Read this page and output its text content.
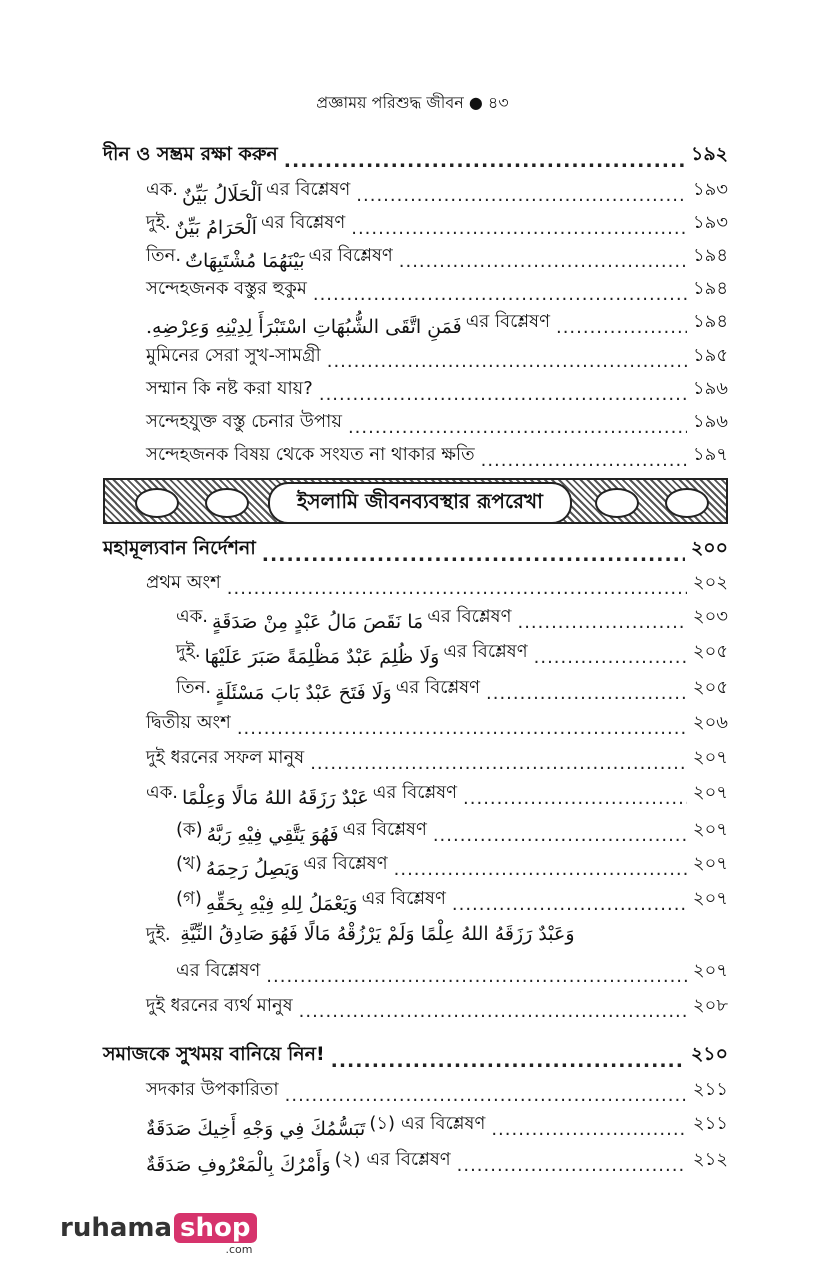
প্রজ্ঞাময় পরিশুদ্ধ জীবন ● ৪৩
দীন ও সম্ভ্রম রক্ষা করুন .....	১৯২
এক. اَلْحَلَالُ بَيِّنٌ এর বিশ্লেষণ .....	১৯৩
দুই. اَلْحَرَامُ بَيِّنٌ এর বিশ্লেষণ .....	১৯৩
তিন. بَيْنَهُمَا مُشْتَبِهَاتٌ এর বিশ্লেষণ .....	১৯৪
সন্দেহজনক বস্তুর হুকুম .....	১৯৪
فَمَنِ اتَّقَى الشُّبُهَاتِ اسْتَبْرَأَ لِدِيْنِهِ وَعِرْضِهِ. এর বিশ্লেষণ .....	১৯৪
মুমিনের সেরা সুখ-সামগ্রী .....	১৯৫
সম্মান কি নষ্ট করা যায়? .....	১৯৬
সন্দেহযুক্ত বস্তু চেনার উপায় .....	১৯৬
সন্দেহজনক বিষয় থেকে সংযত না থাকার ক্ষতি .....	১৯৭
ইসলামি জীবনব্যবস্থার রূপরেখা
মহামূল্যবান নির্দেশনা .....	২০০
প্রথম অংশ .....	২০২
এক. مَا نَقَصَ مَالُ عَبْدٍ مِنْ صَدَقَةٍ এর বিশ্লেষণ .....	২০৩
দুই. وَلَا ظُلِمَ عَبْدٌ مَظْلِمَةً صَبَرَ عَلَيْهَا এর বিশ্লেষণ .....	২০৫
তিন. وَلَا فَتَحَ عَبْدٌ بَابَ مَسْئَلَةٍ এর বিশ্লেষণ .....	২০৫
দ্বিতীয় অংশ .....	২০৬
দুই ধরনের সফল মানুষ .....	২০৭
এক. عَبْدٌ رَزَقَهُ اللهُ مَالًا وَعِلْمًا এর বিশ্লেষণ .....	২০৭
(ক) فَهُوَ يَتَّقِي فِيْهِ رَبَّهُ এর বিশ্লেষণ .....	২০৭
(খ) وَيَصِلُ رَحِمَهُ এর বিশ্লেষণ .....	২০৭
(গ) وَيَعْمَلُ لِلهِ فِيْهِ بِحَقِّهِ এর বিশ্লেষণ .....	২০৭
দুই. وَعَبْدٌ رَزَقَهُ اللهُ عِلْمًا وَلَمْ يَرْزُقْهُ مَالًا فَهُوَ صَادِقُ النِّيَّةِ
এর বিশ্লেষণ .....	২০৭
দুই ধরনের ব্যর্থ মানুষ .....	২০৮
সমাজকে সুখময় বানিয়ে নিন! .....	২১০
সদকার উপকারিতা .....	২১১
تَبَسُّمُكَ فِي وَجْهِ أَخِيكَ صَدَقَةٌ (১) এর বিশ্লেষণ .....	২১১
وَأَمْرُكَ بِالْمَعْرُوفِ صَدَقَةٌ (২) এর বিশ্লেষণ .....	২১২
ruhama shop
.com
